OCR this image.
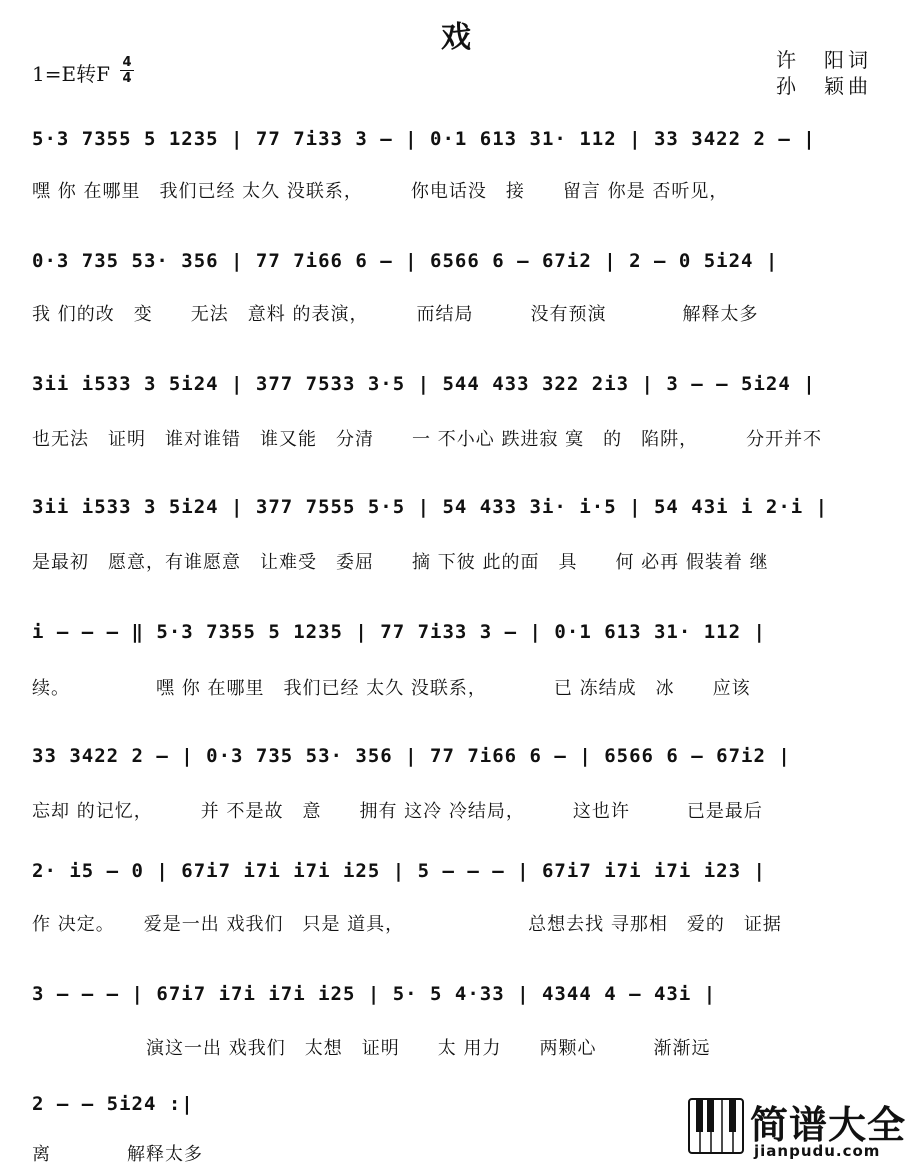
戏
1=E转F 4
4
许　阳词
孙　颖曲
5·3 7355 5 1235 | 77 7i33 3 – | 0·1 613 31· 112 | 33 3422 2 – |
嘿 你 在哪里　我们已经 太久 没联系，　　　你电话没　接　　留言 你是 否听见，
0·3 735 53· 356 | 77 7i66 6 – | 6566 6 – 67i2 | 2 – 0 5i24 |
我 们的改　变　　无法　意料 的表演，　　　而结局　　　没有预演　　　　解释太多
3ii i533 3 5i24 | 377 7533 3·5 | 544 433 322 2i3 | 3 – – 5i24 |
也无法　证明　谁对谁错　谁又能　分清　　一 不小心 跌进寂 寞　的　陷阱，　　　分开并不
3ii i533 3 5i24 | 377 7555 5·5 | 54 433 3i· i·5 | 54 43i i 2·i |
是最初　愿意，有谁愿意　让难受　委屈　　摘 下彼 此的面　具　　何 必再 假装着 继
i – – – ‖ 5·3 7355 5 1235 | 77 7i33 3 – | 0·1 613 31· 112 |
续。　　　　　嘿 你 在哪里　我们已经 太久 没联系，　　　　已 冻结成　冰　　应该
33 3422 2 – | 0·3 735 53· 356 | 77 7i66 6 – | 6566 6 – 67i2 |
忘却 的记忆，　　　并 不是故　意　　拥有 这冷 冷结局，　　　这也许　　　已是最后
2· i5 – 0 | 67i7 i7i i7i i25 | 5 – – – | 67i7 i7i i7i i23 |
作 决定。　　爱是一出 戏我们　只是 道具，　　　　　　　总想去找 寻那相　爱的　证据
3 – – – | 67i7 i7i i7i i25 | 5· 5 4·33 | 4344 4 – 43i |
　　　　　　演这一出 戏我们　太想　证明　　太 用力　　两颗心　　　渐渐远
2 – – 5i24 :|
离　　　　解释太多
简谱大全
jianpudu.com
